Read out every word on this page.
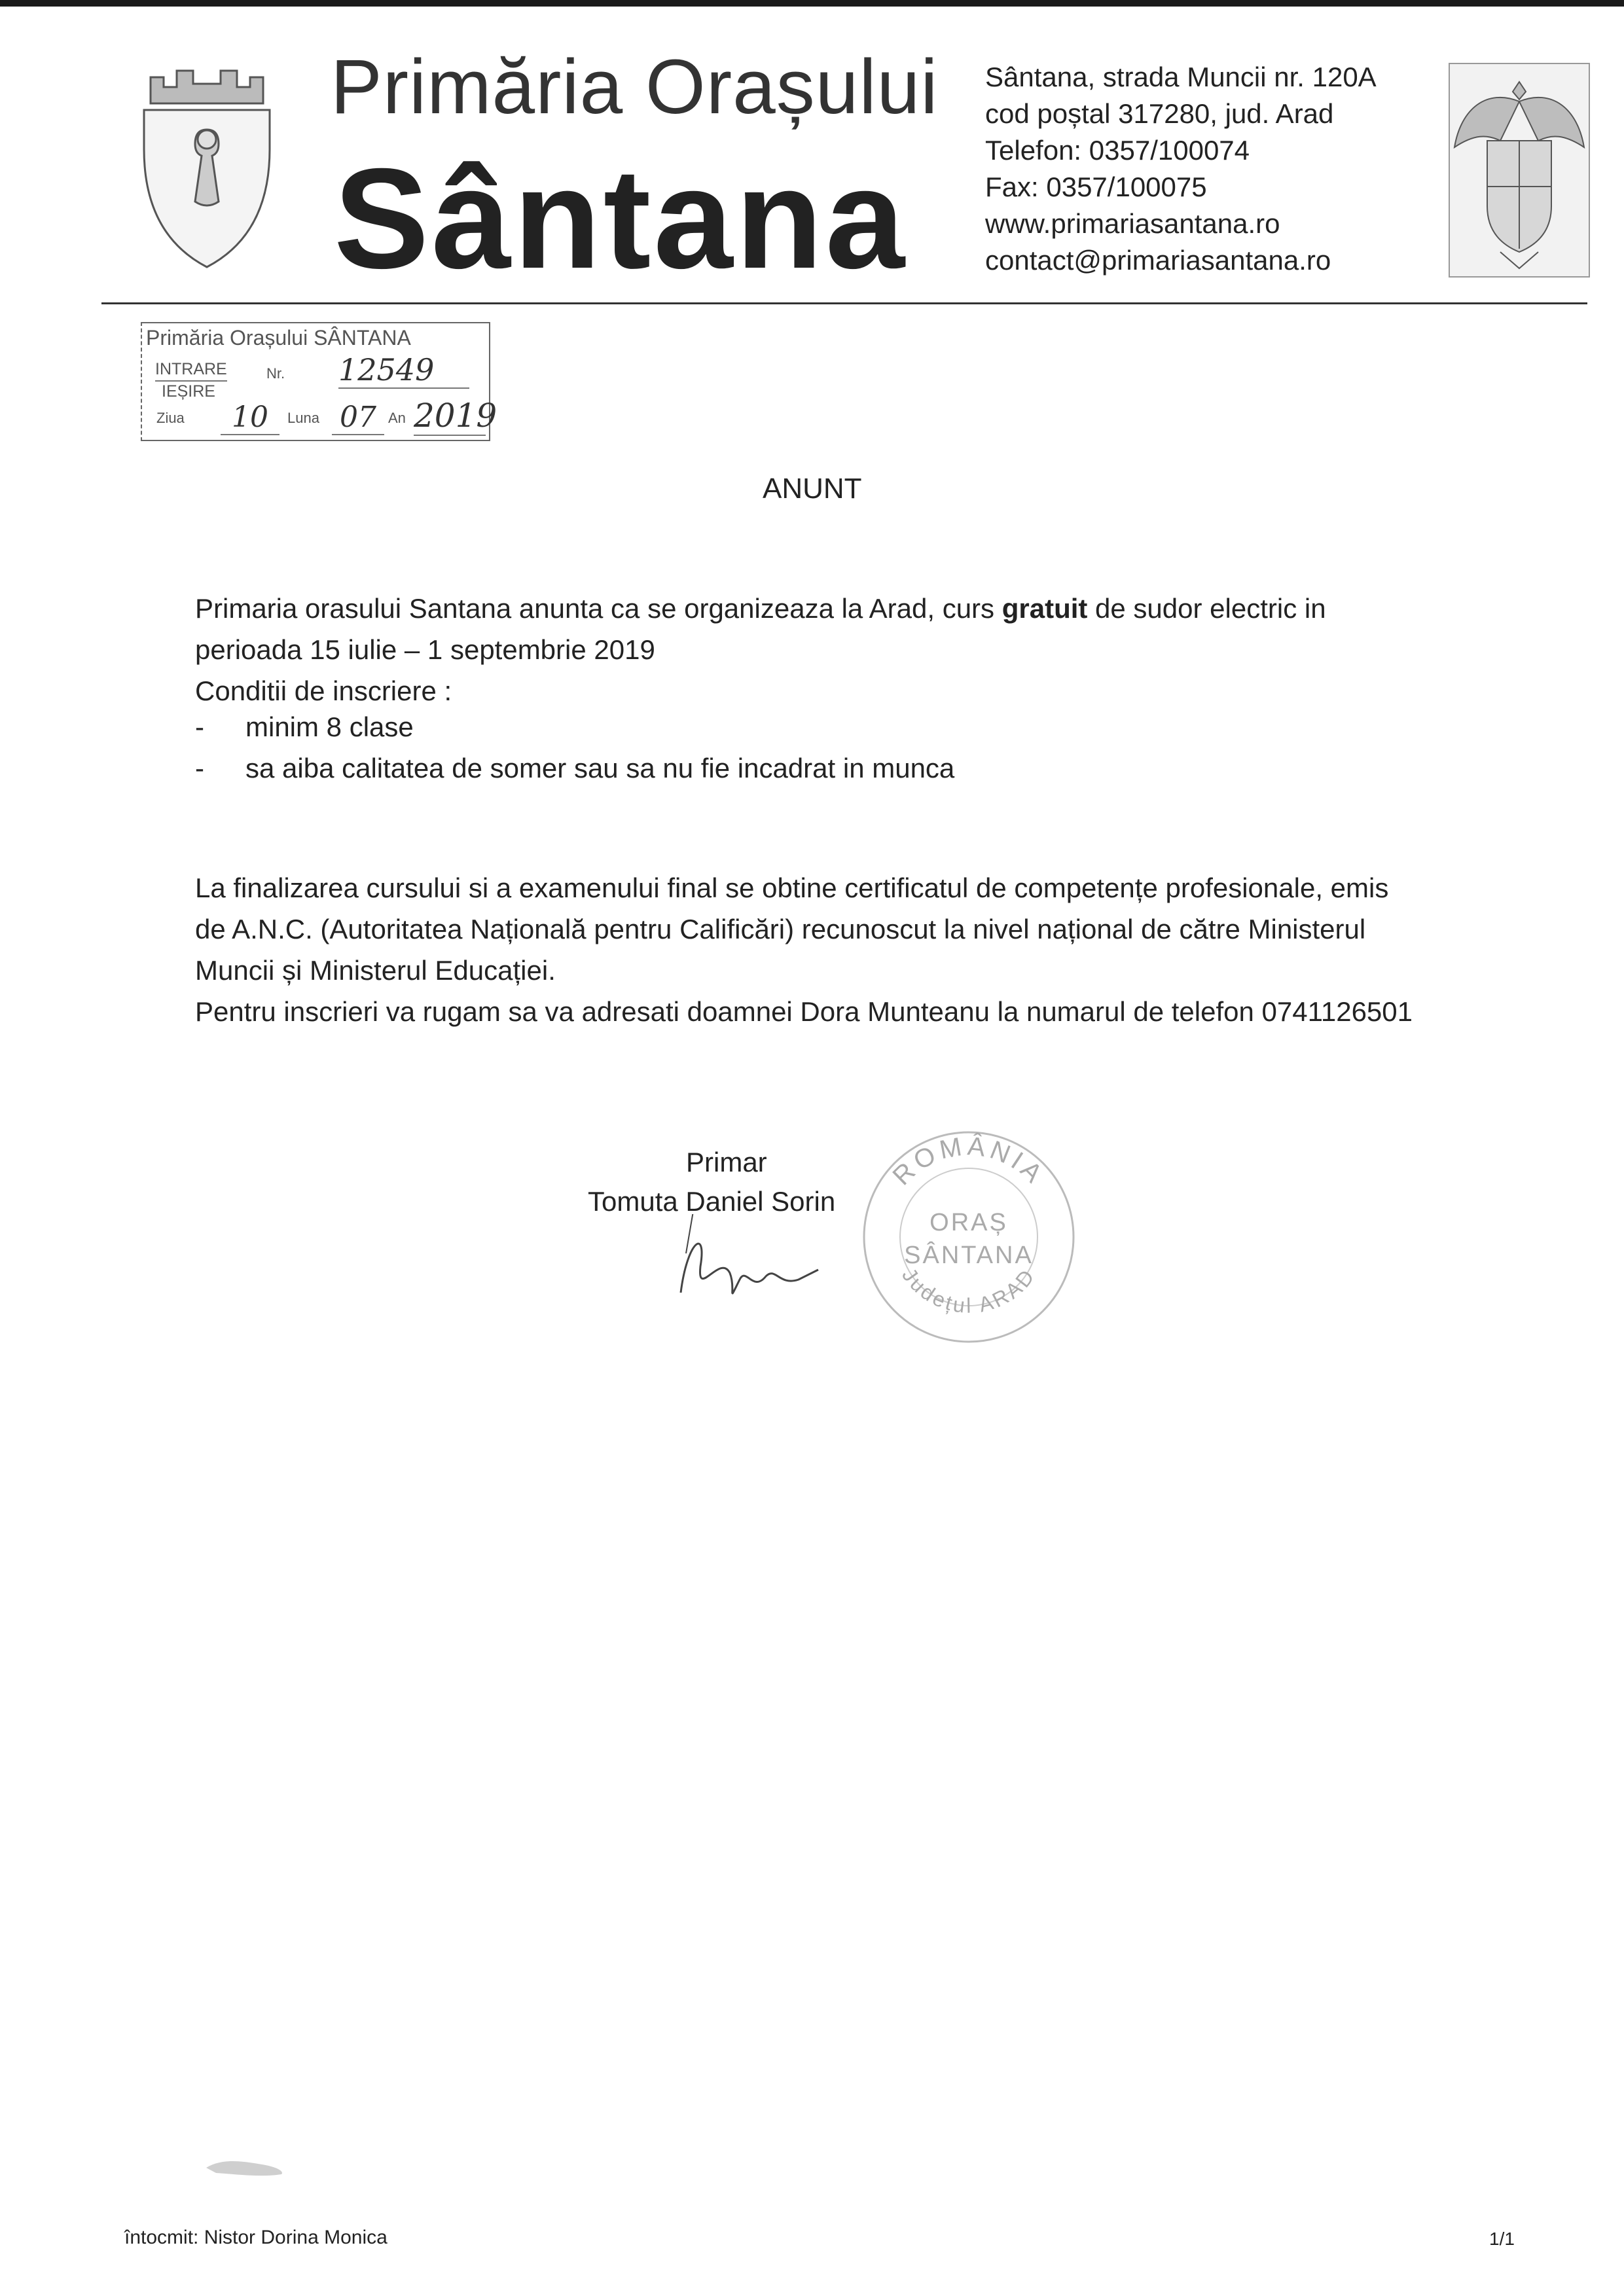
Primăria Orașului
Sântana
Sântana, strada Muncii nr. 120A
cod poștal 317280, jud. Arad
Telefon: 0357/100074
Fax: 0357/100075
www.primariasantana.ro
contact@primariasantana.ro
Primăria Orașului SÂNTANA
INTRARE
IEȘIRE
Nr. 12549
Ziua	10	Luna 07 An 2019
ANUNT
Primaria orasului Santana anunta ca se organizeaza la Arad, curs gratuit de sudor electric in
perioada 15 iulie – 1 septembrie 2019
Conditii de inscriere :
- minim 8 clase
- sa aiba calitatea de somer sau sa nu fie incadrat in munca
La finalizarea cursului si a examenului final se obtine certificatul de competențe profesionale, emis
de A.N.C. (Autoritatea Națională pentru Calificări) recunoscut la nivel național de către Ministerul
Muncii și Ministerul Educației.
Pentru inscrieri va rugam sa va adresati doamnei Dora Munteanu la numarul de telefon 0741126501
Primar
Tomuta Daniel Sorin
ROMÂNIA
ORAȘ
SÂNTANA
Județul ARAD
întocmit: Nistor Dorina Monica	1/1
